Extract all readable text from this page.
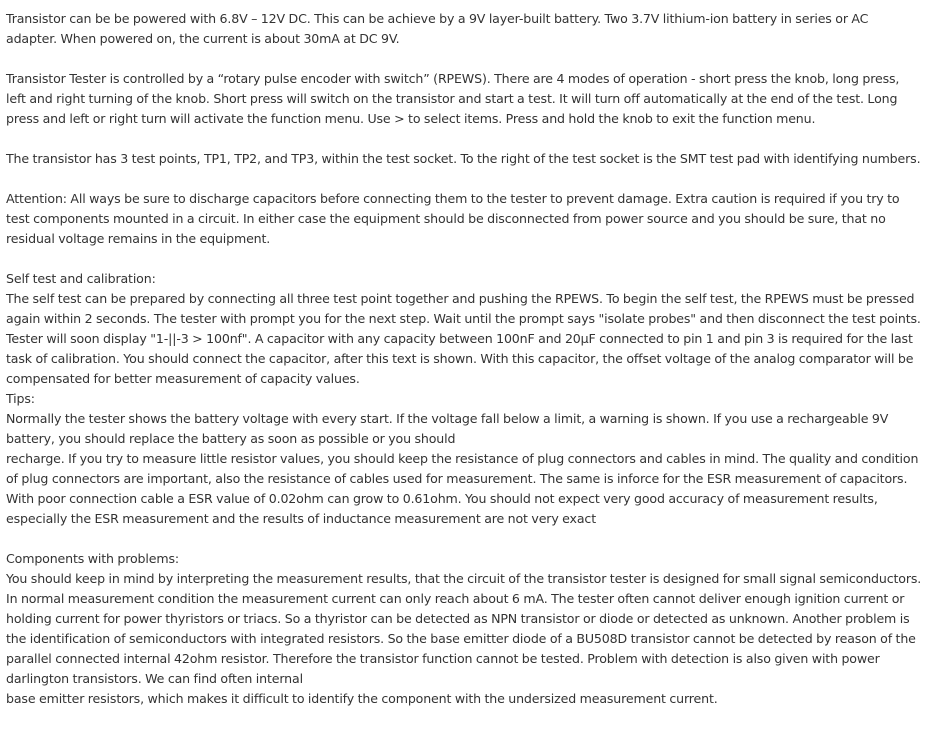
Transistor can be be powered with 6.8V – 12V DC. This can be achieve by a 9V layer-built battery. Two 3.7V lithium-ion battery in series or AC adapter. When powered on, the current is about 30mA at DC 9V.

Transistor Tester is controlled by a “rotary pulse encoder with switch” (RPEWS). There are 4 modes of operation - short press the knob, long press, left and right turning of the knob. Short press will switch on the transistor and start a test. It will turn off automatically at the end of the test. Long press and left or right turn will activate the function menu. Use > to select items. Press and hold the knob to exit the function menu.

The transistor has 3 test points, TP1, TP2, and TP3, within the test socket. To the right of the test socket is the SMT test pad with identifying numbers.

Attention: All ways be sure to discharge capacitors before connecting them to the tester to prevent damage. Extra caution is required if you try to test components mounted in a circuit. In either case the equipment should be disconnected from power source and you should be sure, that no residual voltage remains in the equipment.

Self test and calibration:

The self test can be prepared by connecting all three test point together and pushing the RPEWS. To begin the self test, the RPEWS must be pressed again within 2 seconds. The tester with prompt you for the next step. Wait until the prompt says "isolate probes" and then disconnect the test points. Tester will soon display "1-||-3 > 100nf". A capacitor with any capacity between 100nF and 20µF connected to pin 1 and pin 3 is required for the last task of calibration. You should connect the capacitor, after this text is shown. With this capacitor, the offset voltage of the analog comparator will be compensated for better measurement of capacity values.

Tips:

Normally the tester shows the battery voltage with every start. If the voltage fall below a limit, a warning is shown. If you use a rechargeable 9V battery, you should replace the battery as soon as possible or you should

recharge. If you try to measure little resistor values, you should keep the resistance of plug connectors and cables in mind. The quality and condition of plug connectors are important, also the resistance of cables used for measurement. The same is inforce for the ESR measurement of capacitors. With poor connection cable a ESR value of 0.02ohm can grow to 0.61ohm. You should not expect very good accuracy of measurement results, especially the ESR measurement and the results of inductance measurement are not very exact

Components with problems:

You should keep in mind by interpreting the measurement results, that the circuit of the transistor tester is designed for small signal semiconductors. In normal measurement condition the measurement current can only reach about 6 mA. The tester often cannot deliver enough ignition current or holding current for power thyristors or triacs. So a thyristor can be detected as NPN transistor or diode or detected as unknown. Another problem is the identification of semiconductors with integrated resistors. So the base emitter diode of a BU508D transistor cannot be detected by reason of the parallel connected internal 42ohm resistor. Therefore the transistor function cannot be tested. Problem with detection is also given with power darlington transistors. We can find often internal

base emitter resistors, which makes it difficult to identify the component with the undersized measurement current.
